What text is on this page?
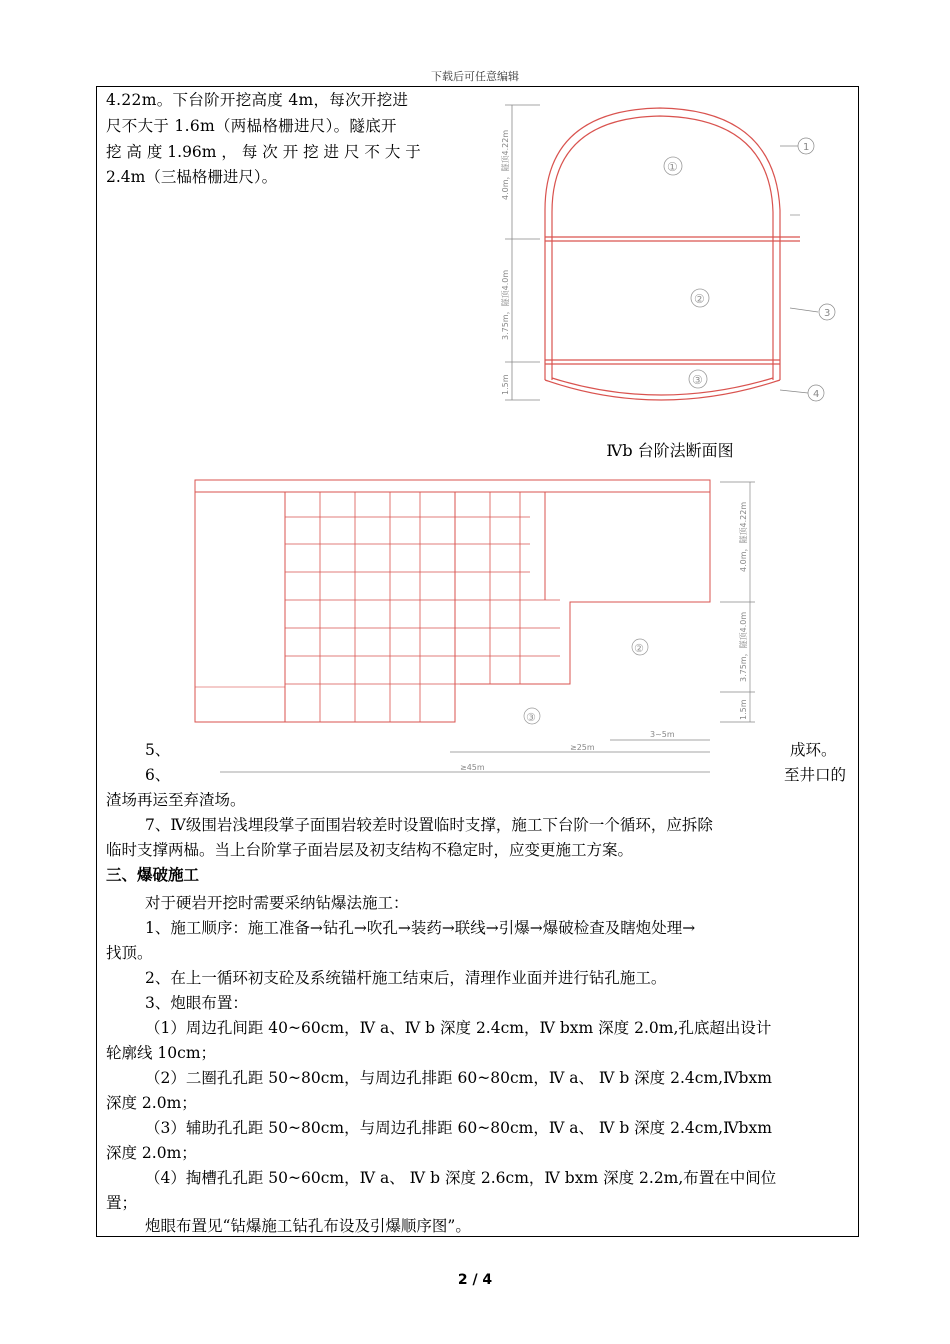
下载后可任意编辑
4.22m。下台阶开挖高度 4m，每次开挖进
尺不大于 1.6m（两榀格栅进尺）。隧底开
挖 高 度 1.96m ， 每 次 开 挖 进 尺 不 大 于
2.4m（三榀格栅进尺）。	4.0m，隧顶4.22m
3.75m，隧顶4.0m
1.5m
①
②
③
1
3
4
Ⅳb 台阶法断面图
4.0m，隧顶4.22m
3.75m，隧顶4.0m
1.5m
3~5m
≥25m
≥45m
②
③
5、	成环。
6、	至井口的
渣场再运至弃渣场。
7、Ⅳ级围岩浅埋段掌子面围岩较差时设置临时支撑，施工下台阶一个循环，应拆除
临时支撑两榀。当上台阶掌子面岩层及初支结构不稳定时，应变更施工方案。
三、爆破施工
对于硬岩开挖时需要采纳钻爆法施工：
1、施工顺序：施工准备→钻孔→吹孔→装药→联线→引爆→爆破检查及瞎炮处理→
找顶。
2、在上一循环初支砼及系统锚杆施工结束后，清理作业面并进行钻孔施工。
3、炮眼布置：
（1）周边孔间距 40~60cm，Ⅳ a、Ⅳ b 深度 2.4cm，Ⅳ bxm 深度 2.0m,孔底超出设计
轮廓线 10cm；
（2）二圈孔孔距 50~80cm，与周边孔排距 60~80cm，Ⅳ a、 Ⅳ b 深度 2.4cm,Ⅳbxm
深度 2.0m；
（3）辅助孔孔距 50~80cm，与周边孔排距 60~80cm，Ⅳ a、 Ⅳ b 深度 2.4cm,Ⅳbxm
深度 2.0m；
（4）掏槽孔孔距 50~60cm，Ⅳ a、 Ⅳ b 深度 2.6cm，Ⅳ bxm 深度 2.2m,布置在中间位
置；
炮眼布置见“钻爆施工钻孔布设及引爆顺序图”。
2 / 4
